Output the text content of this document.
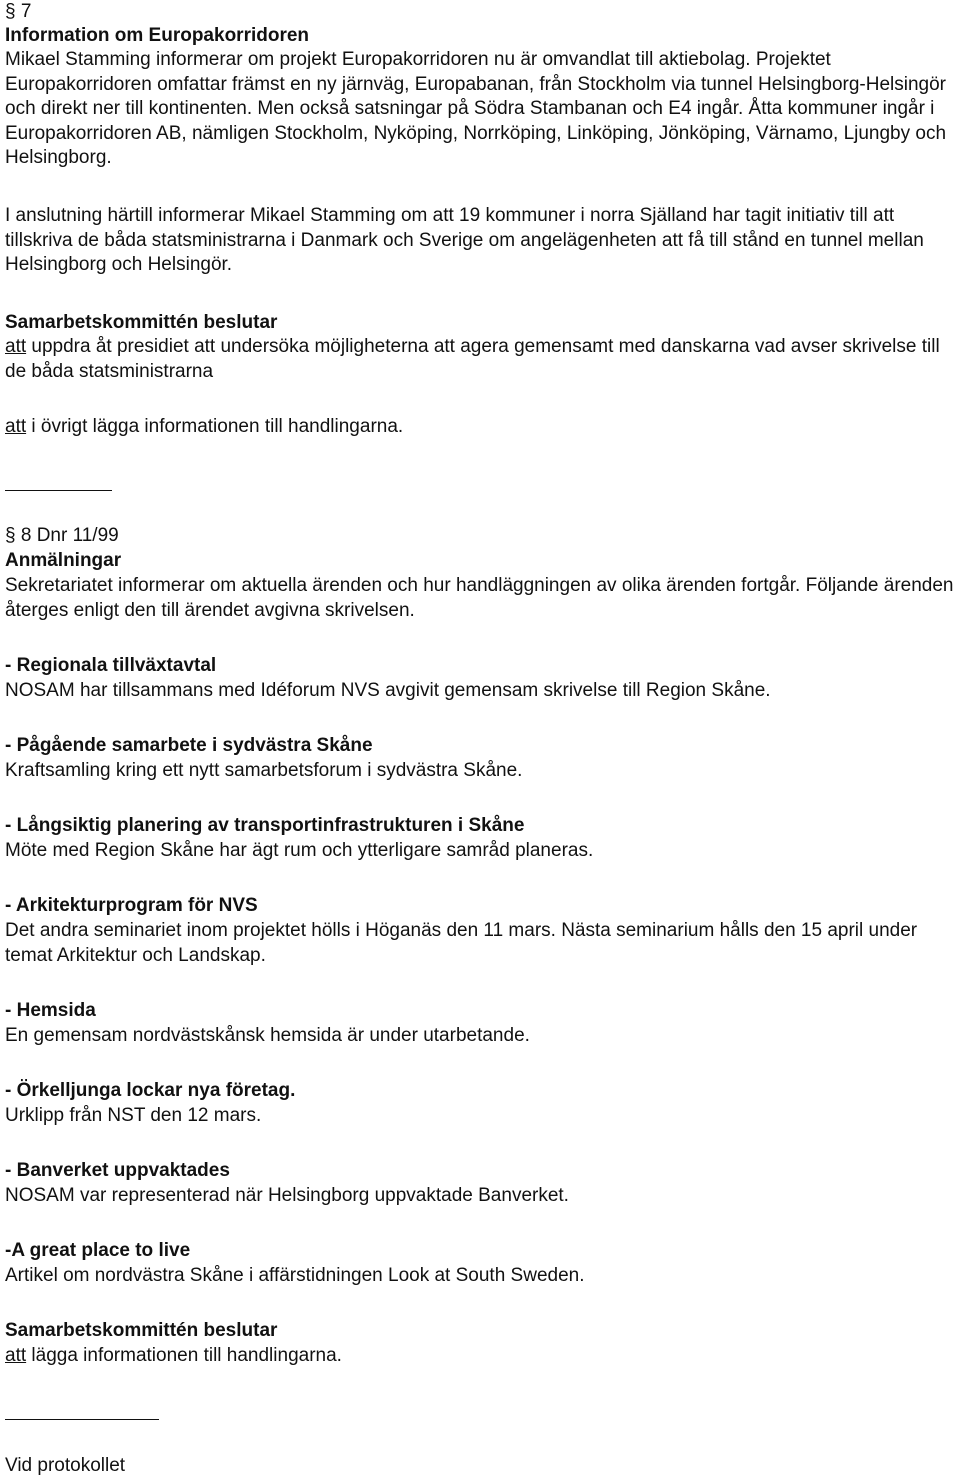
§ 7
Information om Europakorridoren

Mikael Stamming informerar om projekt Europakorridoren nu är omvandlat till aktiebolag. Projektet Europakorridoren omfattar främst en ny järnväg, Europabanan, från Stockholm via tunnel Helsingborg-Helsingör och direkt ner till kontinenten. Men också satsningar på Södra Stambanan och E4 ingår. Åtta kommuner ingår i Europakorridoren AB, nämligen Stockholm, Nyköping, Norrköping, Linköping, Jönköping, Värnamo, Ljungby och Helsingborg.

I anslutning härtill informerar Mikael Stamming om att 19 kommuner i norra Själland har tagit initiativ till att tillskriva de båda statsministrarna i Danmark och Sverige om angelägenheten att få till stånd en tunnel mellan Helsingborg och Helsingör.

Samarbetskommittén beslutar

att uppdra åt presidiet att undersöka möjligheterna att agera gemensamt med danskarna vad avser skrivelse till de båda statsministrarna

att i övrigt lägga informationen till handlingarna.

§ 8 Dnr 11/99
Anmälningar

Sekretariatet informerar om aktuella ärenden och hur handläggningen av olika ärenden fortgår. Följande ärenden återges enligt den till ärendet avgivna skrivelsen.

- Regionala tillväxtavtal
NOSAM har tillsammans med Idéforum NVS avgivit gemensam skrivelse till Region Skåne.
- Pågående samarbete i sydvästra Skåne
Kraftsamling kring ett nytt samarbetsforum i sydvästra Skåne.
- Långsiktig planering av transportinfrastrukturen i Skåne
Möte med Region Skåne har ägt rum och ytterligare samråd planeras.
- Arkitekturprogram för NVS

Det andra seminariet inom projektet hölls i Höganäs den 11 mars. Nästa seminarium hålls den 15 april under temat Arkitektur och Landskap.

- Hemsida
En gemensam nordvästskånsk hemsida är under utarbetande.
- Örkelljunga lockar nya företag.
Urklipp från NST den 12 mars.
- Banverket uppvaktades
NOSAM var representerad när Helsingborg uppvaktade Banverket.
-A great place to live
Artikel om nordvästra Skåne i affärstidningen Look at South Sweden.
Samarbetskommittén beslutar

att lägga informationen till handlingarna.

Vid protokollet
